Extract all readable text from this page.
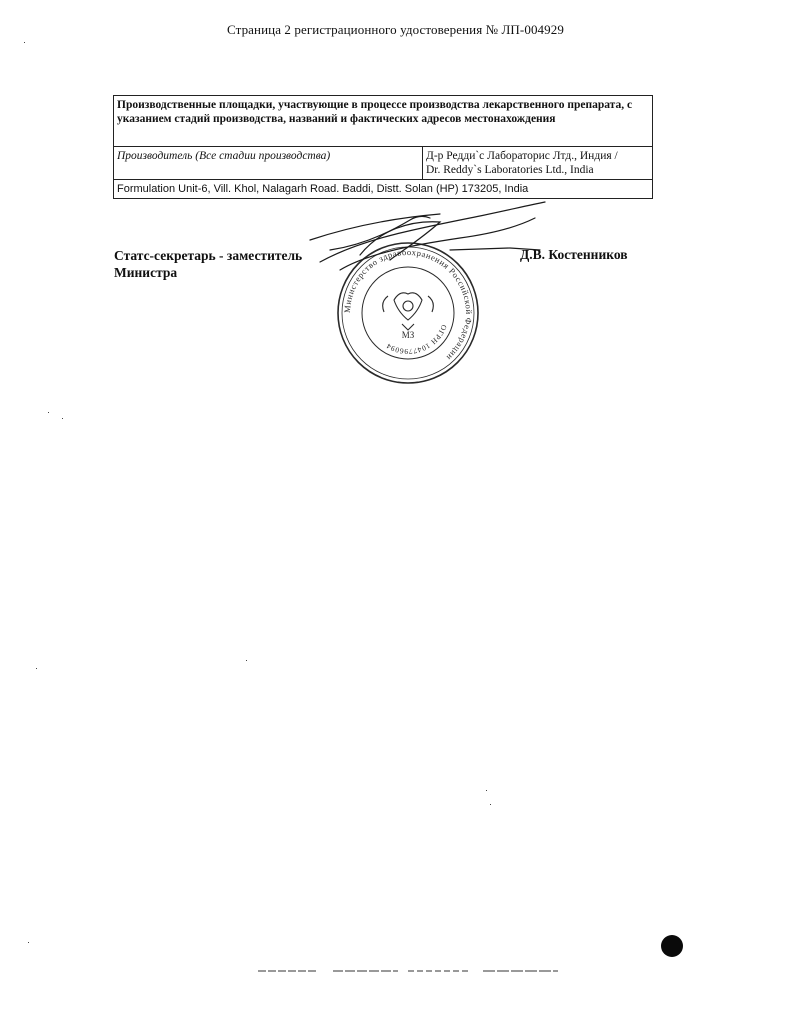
Страница 2 регистрационного удостоверения № ЛП-004929
Производственные площадки, участвующие в процессе производства лекарственного препарата, с указанием стадий производства, названий и фактических адресов местонахождения
Производитель (Все стадии производства)	Д-р Редди`с Лабораторис Лтд., Индия /
Dr. Reddy`s Laboratories Ltd., India

Formulation Unit-6, Vill. Khol, Nalagarh Road. Baddi, Distt. Solan (HP) 173205, India
Статс-секретарь - заместитель
Министра
Д.В. Костенников
Министерство здравоохранения Российской Федерации
ОГРН 1047796094
МЗ
